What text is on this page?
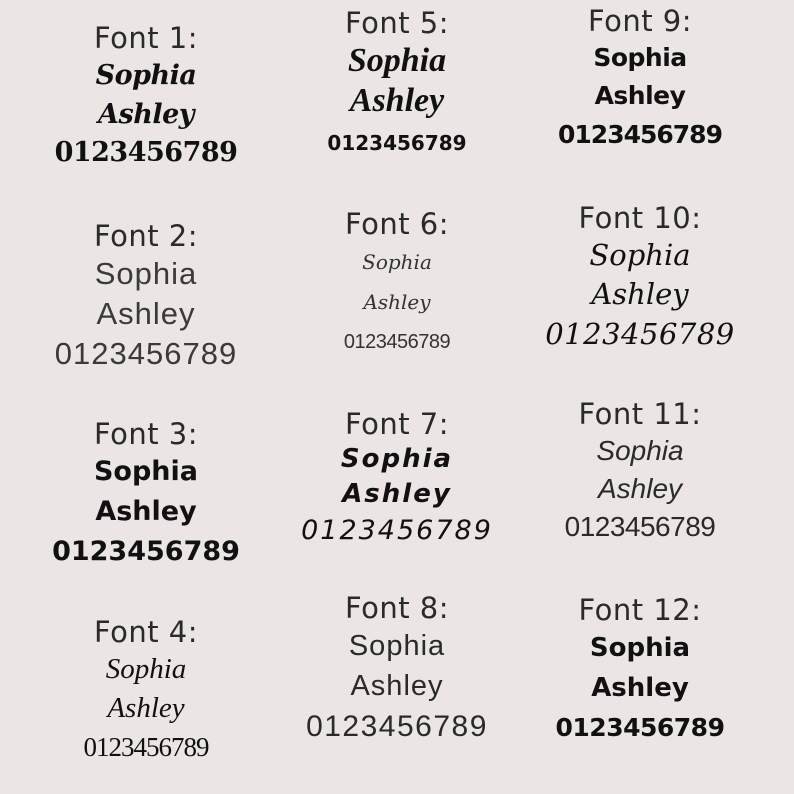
Font 1:
Sophia
Ashley
0123456789
Font 2:
Sophia
Ashley
0123456789
Font 3:
Sophia
Ashley
0123456789
Font 4:
Sophia
Ashley
0123456789
Font 5:
Sophia
Ashley
0123456789
Font 6:
Sophia
Ashley
0123456789
Font 7:
Sophia
Ashley
0123456789
Font 8:
Sophia
Ashley
0123456789
Font 9:
Sophia
Ashley
0123456789
Font 10:
Sophia
Ashley
0123456789
Font 11:
Sophia
Ashley
0123456789
Font 12:
Sophia
Ashley
0123456789
